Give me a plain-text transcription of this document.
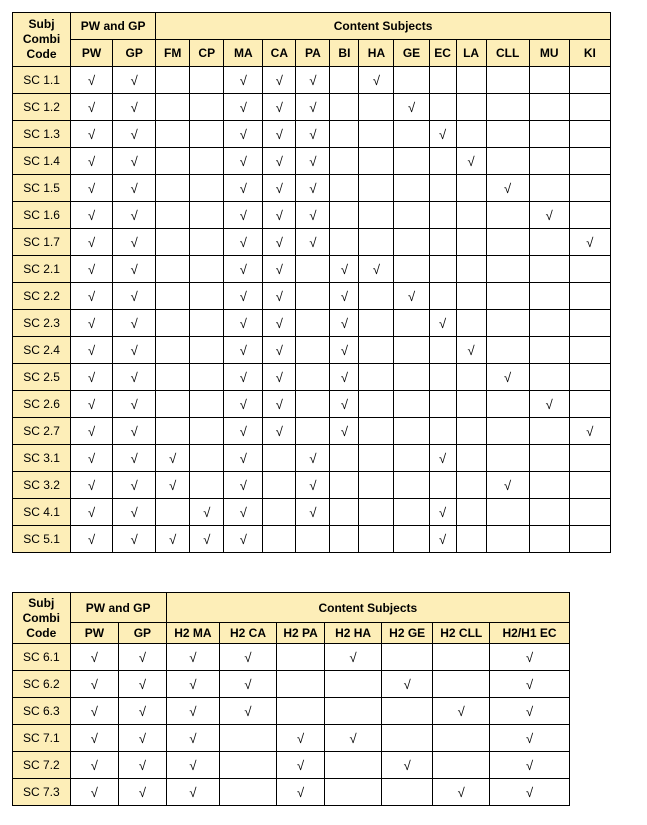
Subj Combi Code	PW and GP		Content Subjects												
	PW	GP	FM	CP	MA	CA	PA	BI	HA	GE	EC	LA	CLL	MU	KI
SC 1.1	√	√			√	√	√		√						
SC 1.2	√	√			√	√	√			√					
SC 1.3	√	√			√	√	√				√				
SC 1.4	√	√			√	√	√					√			
SC 1.5	√	√			√	√	√						√		
SC 1.6	√	√			√	√	√							√	
SC 1.7	√	√			√	√	√								√
SC 2.1	√	√			√	√		√	√						
SC 2.2	√	√			√	√		√		√					
SC 2.3	√	√			√	√		√			√				
SC 2.4	√	√			√	√		√				√			
SC 2.5	√	√			√	√		√					√		
SC 2.6	√	√			√	√		√						√	
SC 2.7	√	√			√	√		√							√
SC 3.1	√	√	√		√		√				√				
SC 3.2	√	√	√		√		√						√		
SC 4.1	√	√		√	√		√				√				
SC 5.1	√	√	√	√	√						√				
Subj Combi Code	PW and GP		Content Subjects						
	PW	GP	H2 MA	H2 CA	H2 PA	H2 HA	H2 GE	H2 CLL	H2/H1 EC
SC 6.1	√	√	√	√		√			√
SC 6.2	√	√	√	√			√		√
SC 6.3	√	√	√	√				√	√
SC 7.1	√	√	√		√	√			√
SC 7.2	√	√	√		√		√		√
SC 7.3	√	√	√		√			√	√
